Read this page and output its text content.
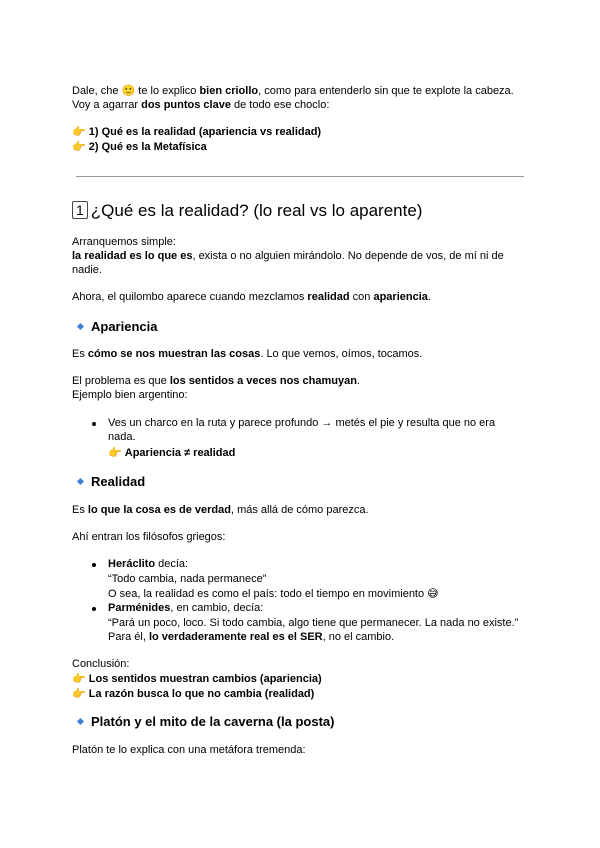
Dale, che 🙂 te lo explico bien criollo, como para entenderlo sin que te explote la cabeza.
Voy a agarrar dos puntos clave de todo ese choclo:
👉 1) Qué es la realidad (apariencia vs realidad)
👉 2) Qué es la Metafísica
1 ¿Qué es la realidad? (lo real vs lo aparente)
Arranquemos simple:
la realidad es lo que es, exista o no alguien mirándolo. No depende de vos, de mí ni de
nadie.
Ahora, el quilombo aparece cuando mezclamos realidad con apariencia.
Apariencia
Es cómo se nos muestran las cosas. Lo que vemos, oímos, tocamos.
El problema es que los sentidos a veces nos chamuyan.
Ejemplo bien argentino:
Ves un charco en la ruta y parece profundo → metés el pie y resulta que no era
nada.
👉 Apariencia ≠ realidad
Realidad
Es lo que la cosa es de verdad, más allá de cómo parezca.
Ahí entran los filósofos griegos:
Heráclito decía:
“Todo cambia, nada permanece”
O sea, la realidad es como el país: todo el tiempo en movimiento 😅
Parménides, en cambio, decía:
“Pará un poco, loco. Si todo cambia, algo tiene que permanecer. La nada no existe.”
Para él, lo verdaderamente real es el SER, no el cambio.
Conclusión:
👉 Los sentidos muestran cambios (apariencia)
👉 La razón busca lo que no cambia (realidad)
Platón y el mito de la caverna (la posta)
Platón te lo explica con una metáfora tremenda:
